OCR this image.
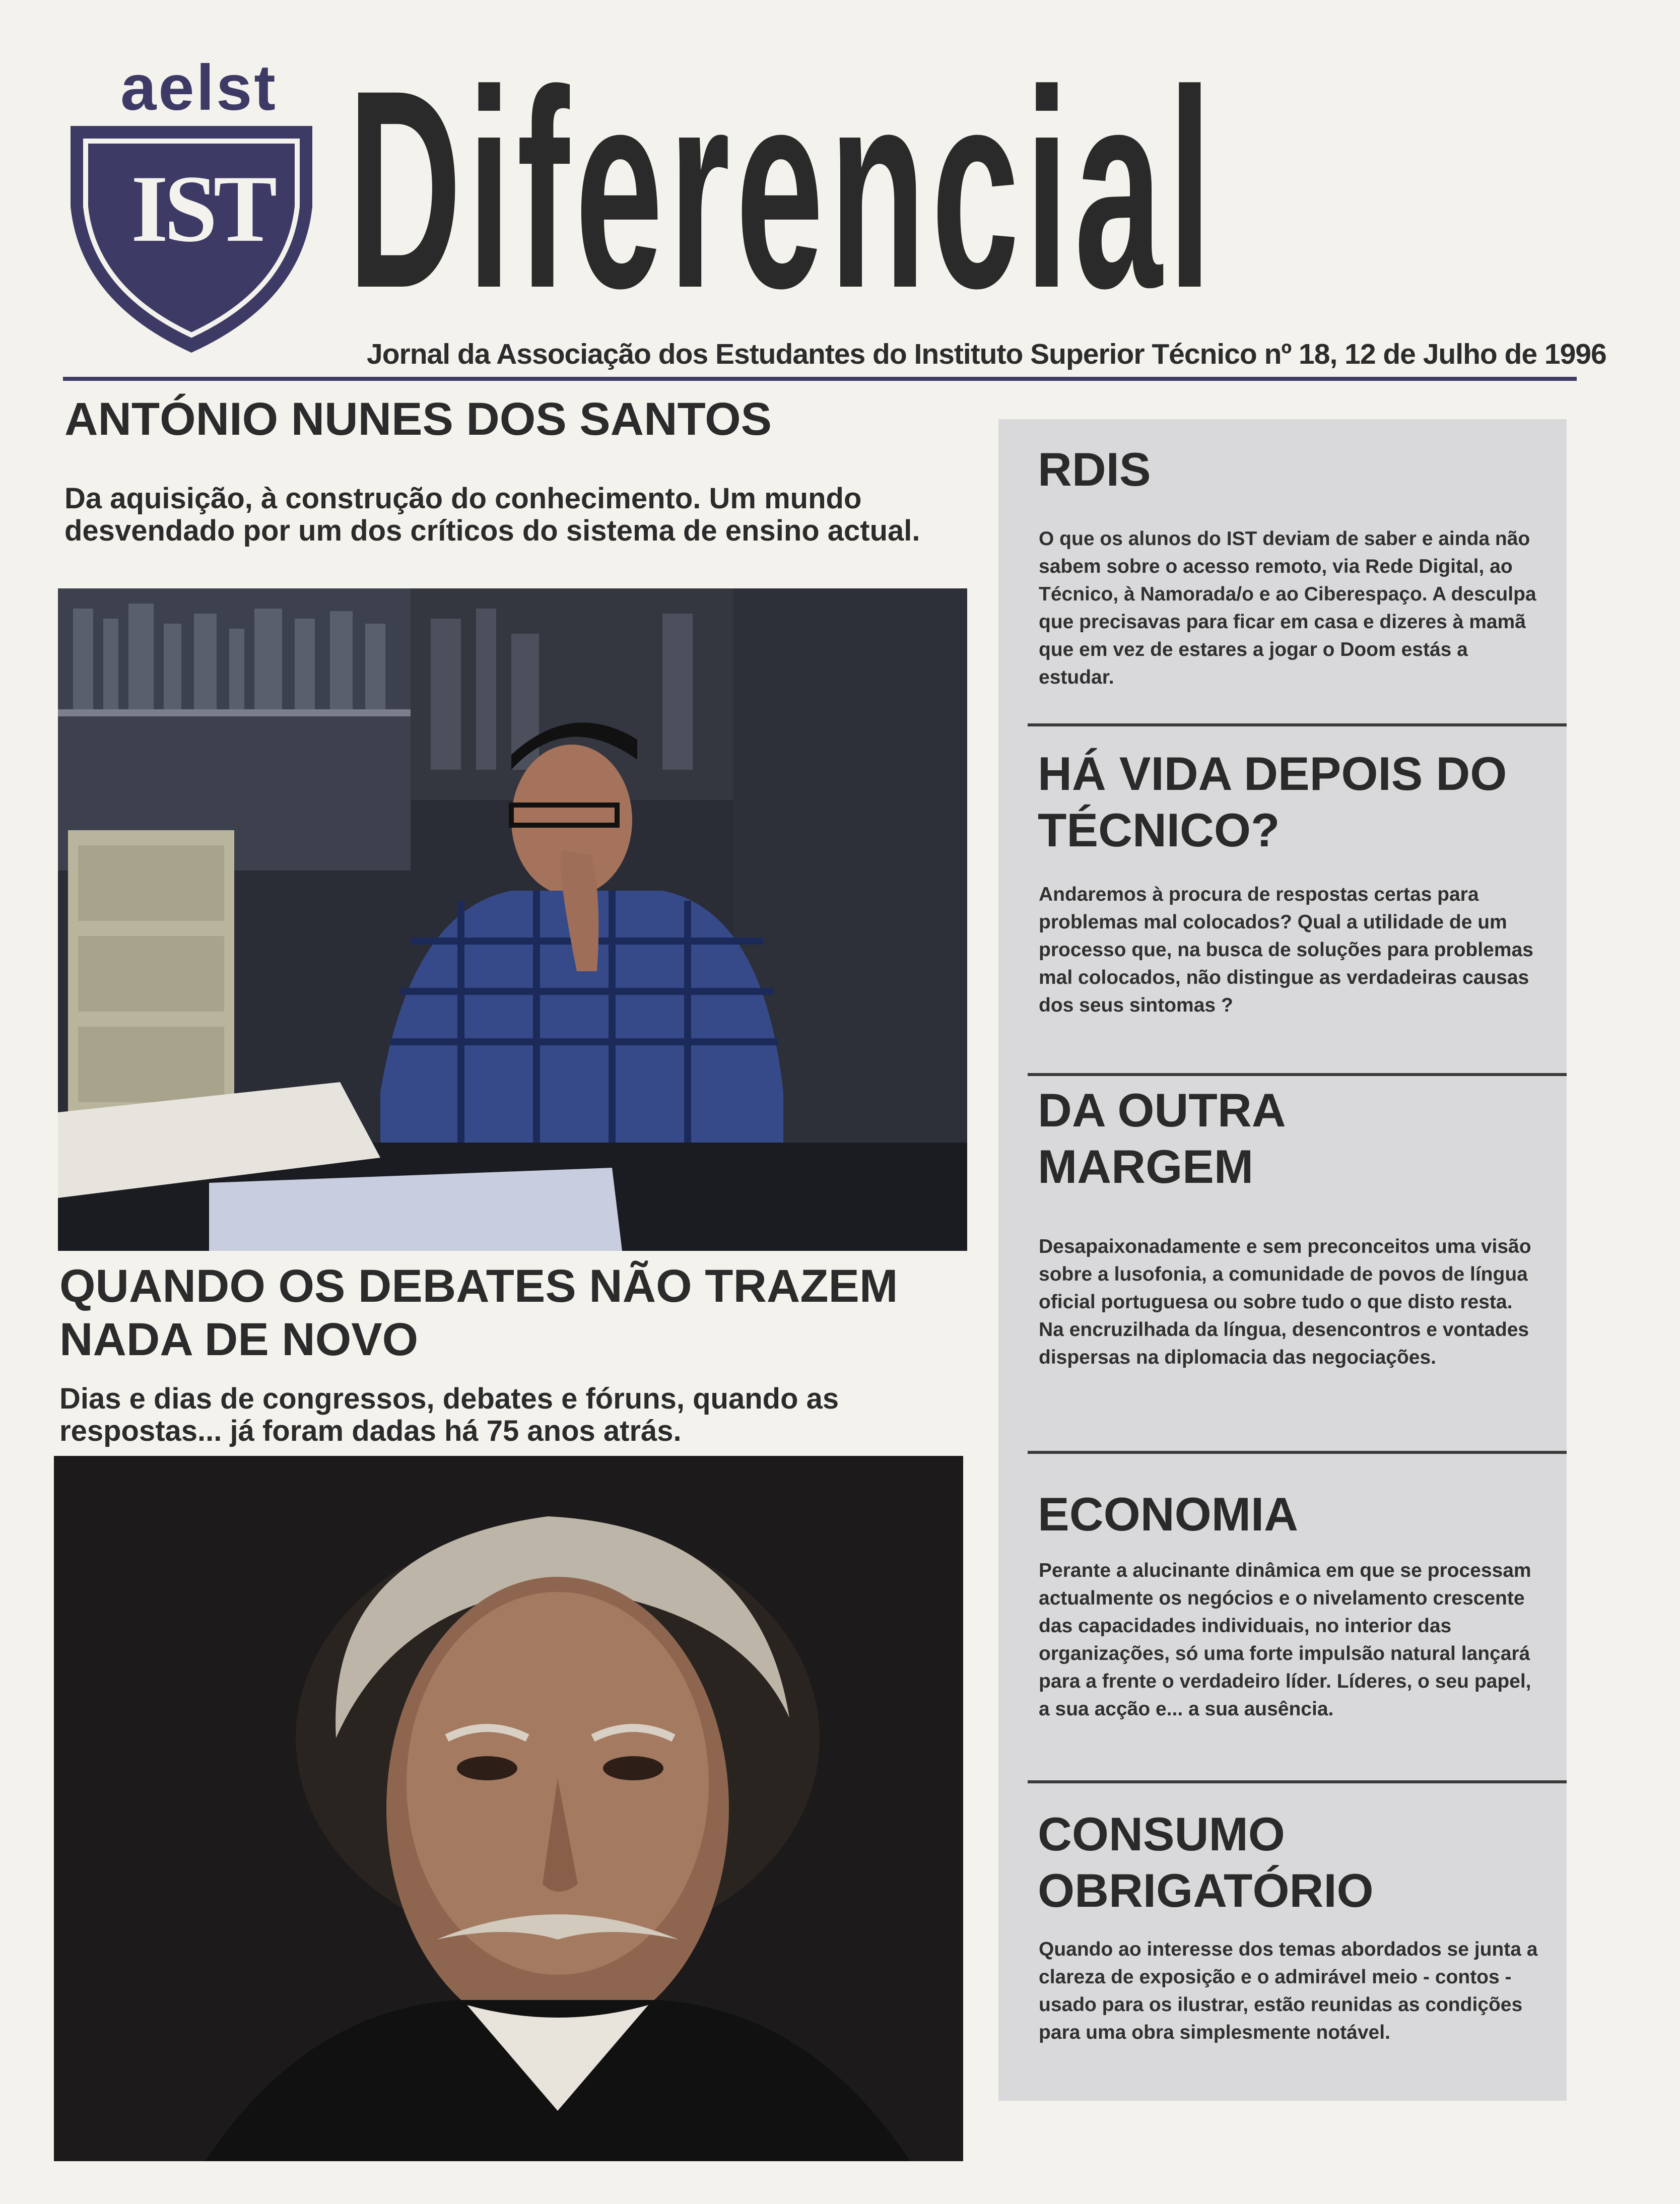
aelst
IST Diferencial
Jornal da Associação dos Estudantes do Instituto Superior Técnico nº 18, 12 de Julho de 1996
ANTÓNIO NUNES DOS SANTOS
Da aquisição, à construção do conhecimento. Um mundo desvendado por um dos críticos do sistema de ensino actual.
QUANDO OS DEBATES NÃO TRAZEM NADA DE NOVO
Dias e dias de congressos, debates e fóruns, quando as respostas... já foram dadas há 75 anos atrás.
RDIS
O que os alunos do IST deviam de saber e ainda não sabem sobre o acesso remoto, via Rede Digital, ao Técnico, à Namorada/o e ao Ciberespaço. A desculpa que precisavas para ficar em casa e dizeres à mamã que em vez de estares a jogar o Doom estás a estudar.
HÁ VIDA DEPOIS DO TÉCNICO?
Andaremos à procura de respostas certas para problemas mal colocados? Qual a utilidade de um processo que, na busca de soluções para problemas mal colocados, não distingue as verdadeiras causas dos seus sintomas ?
DA OUTRA MARGEM
Desapaixonadamente e sem preconceitos uma visão sobre a lusofonia, a comunidade de povos de língua oficial portuguesa ou sobre tudo o que disto resta. Na encruzilhada da língua, desencontros e vontades dispersas na diplomacia das negociações.
ECONOMIA
Perante a alucinante dinâmica em que se processam actualmente os negócios e o nivelamento crescente das capacidades individuais, no interior das organizações, só uma forte impulsão natural lançará para a frente o verdadeiro líder. Líderes, o seu papel, a sua acção e... a sua ausência.
CONSUMO OBRIGATÓRIO
Quando ao interesse dos temas abordados se junta a clareza de exposição e o admirável meio - contos - usado para os ilustrar, estão reunidas as condições para uma obra simplesmente notável.
